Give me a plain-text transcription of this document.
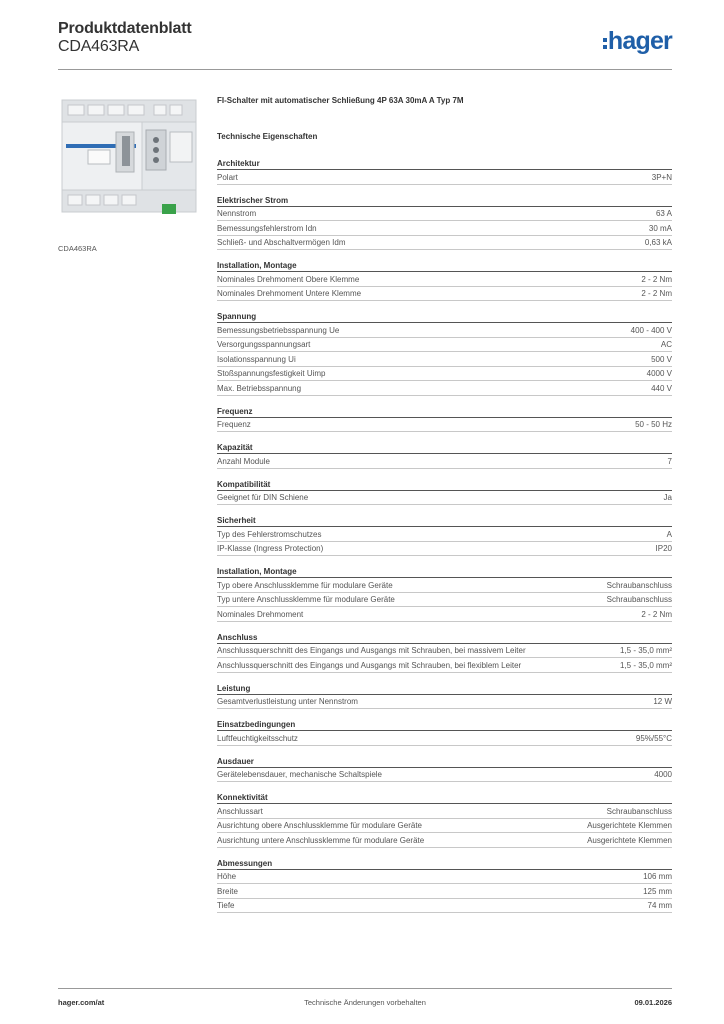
Produktdatenblatt
CDA463RA	hager
CDA463RA
FI-Schalter mit automatischer Schließung 4P 63A 30mA A Typ 7M
Technische Eigenschaften
Architektur
Polart	3P+N
Elektrischer Strom
Nennstrom	63 A
Bemessungsfehlerstrom Idn	30 mA
Schließ- und Abschaltvermögen Idm	0,63 kA
Installation, Montage
Nominales Drehmoment Obere Klemme	2 - 2 Nm
Nominales Drehmoment Untere Klemme	2 - 2 Nm
Spannung
Bemessungsbetriebsspannung Ue	400 - 400 V
Versorgungsspannungsart	AC
Isolationsspannung Ui	500 V
Stoßspannungsfestigkeit Uimp	4000 V
Max. Betriebsspannung	440 V
Frequenz
Frequenz	50 - 50 Hz
Kapazität
Anzahl Module	7
Kompatibilität
Geeignet für DIN Schiene	Ja
Sicherheit
Typ des Fehlerstromschutzes	A
IP-Klasse (Ingress Protection)	IP20
Installation, Montage
Typ obere Anschlussklemme für modulare Geräte	Schraubanschluss
Typ untere Anschlussklemme für modulare Geräte	Schraubanschluss
Nominales Drehmoment	2 - 2 Nm
Anschluss
Anschlussquerschnitt des Eingangs und Ausgangs mit Schrauben, bei massivem Leiter	1,5 - 35,0 mm²
Anschlussquerschnitt des Eingangs und Ausgangs mit Schrauben, bei flexiblem Leiter	1,5 - 35,0 mm²
Leistung
Gesamtverlustleistung unter Nennstrom	12 W
Einsatzbedingungen
Luftfeuchtigkeitsschutz	95%/55°C
Ausdauer
Gerätelebensdauer, mechanische Schaltspiele	4000
Konnektivität
Anschlussart	Schraubanschluss
Ausrichtung obere Anschlussklemme für modulare Geräte	Ausgerichtete Klemmen
Ausrichtung untere Anschlussklemme für modulare Geräte	Ausgerichtete Klemmen
Abmessungen
Höhe	106 mm
Breite	125 mm
Tiefe	74 mm
hager.com/at	Technische Änderungen vorbehalten	09.01.2026
